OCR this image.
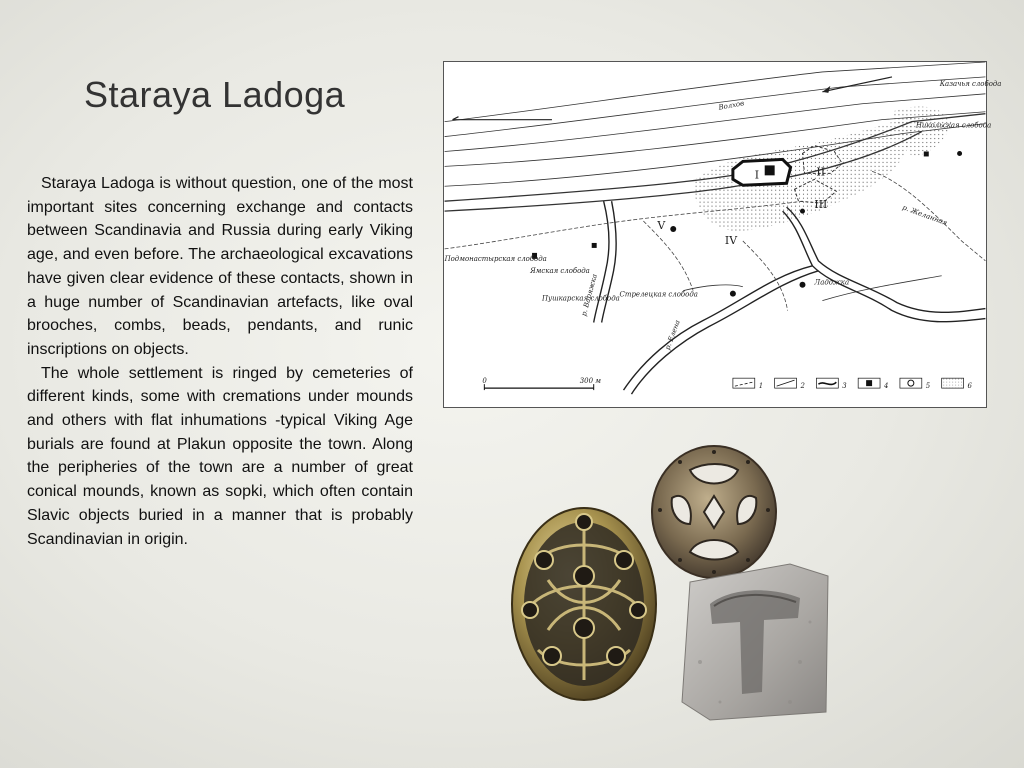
Staraya Ladoga

Staraya Ladoga is without question, one of the most important sites concerning exchange and contacts between Scandinavia and Russia during early Viking age, and even before. The archaeological excavations have given clear evidence of these contacts, shown in a huge number of Scandinavian artefacts, like oval brooches, combs, beads, pendants, and runic inscriptions on objects.

The whole settlement is ringed by cemeteries of different kinds, some with cremations under mounds and others with flat inhumations -typical Viking Age burials are found at Plakun opposite the town. Along the peripheries of the town are a number of great conical mounds, known as sopki, which often contain Slavic objects buried in a manner that is probably Scandinavian in origin.

I	II
III
IV
V
Волхов
Казачья слобода
Никольская слобода
Подмонастырская слобода
Ямская слобода
Пушкарская слобода Стрелецкая слобода
Ладожка
р. Варяжка
р. Елена
р. Желанная
0	300 м
1	2	3	4	5	6
